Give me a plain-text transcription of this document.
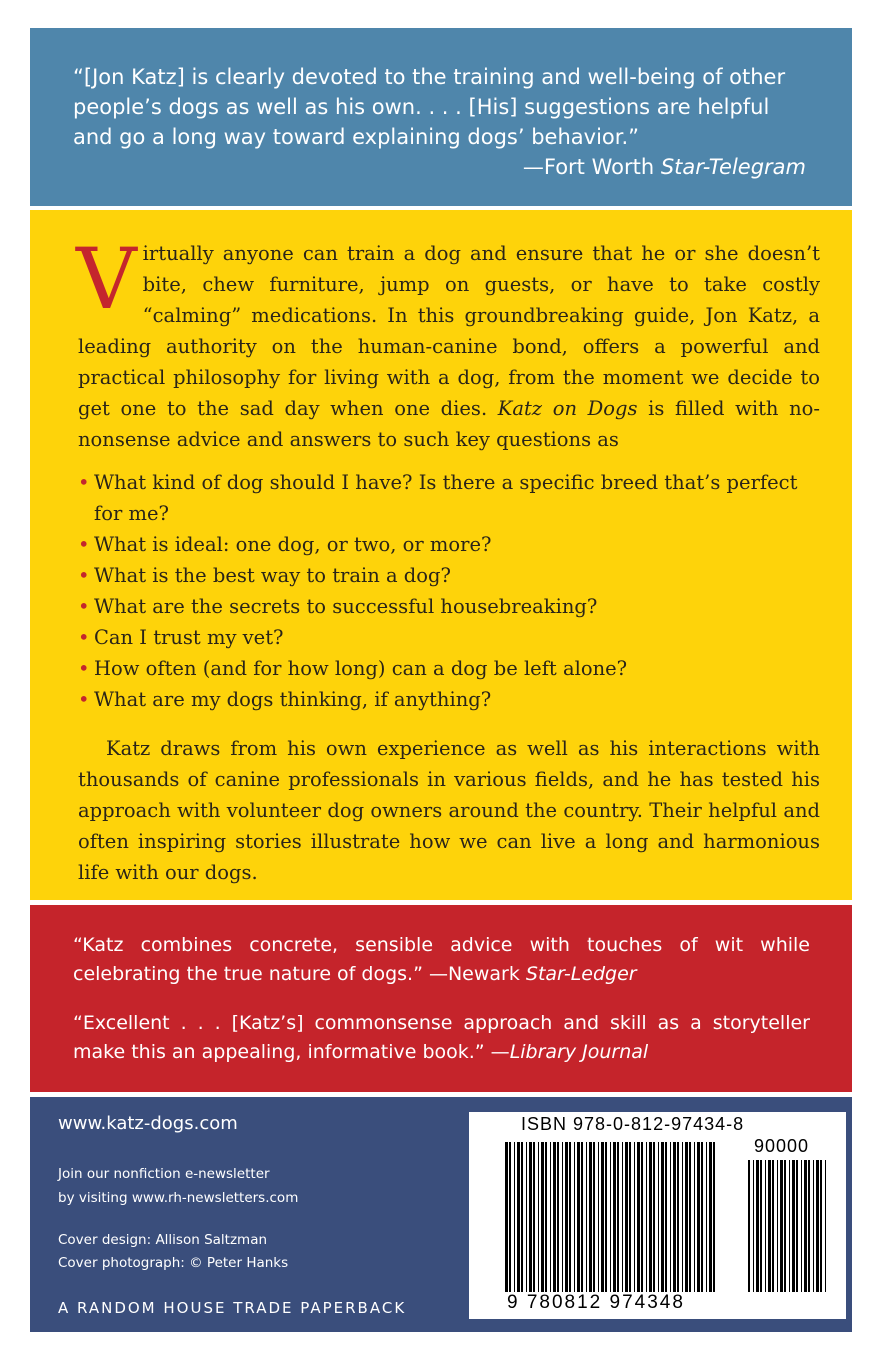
“[Jon Katz] is clearly devoted to the training and well-being of other people’s dogs as well as his own. . . . [His] suggestions are helpful and go a long way toward explaining dogs’ behavior.”
—Fort Worth Star-Telegram

Virtually anyone can train a dog and ensure that he or she doesn’t bite, chew furniture, jump on guests, or have to take costly “calming” medications. In this groundbreaking guide, Jon Katz, a leading authority on the human-canine bond, offers a powerful and practical philosophy for living with a dog, from the moment we decide to get one to the sad day when one dies. Katz on Dogs is filled with no-nonsense advice and answers to such key questions as

• What kind of dog should I have? Is there a specific breed that’s perfect for me?
• What is ideal: one dog, or two, or more?
• What is the best way to train a dog?
• What are the secrets to successful housebreaking?
• Can I trust my vet?
• How often (and for how long) can a dog be left alone?
• What are my dogs thinking, if anything?

Katz draws from his own experience as well as his interactions with thousands of canine professionals in various fields, and he has tested his approach with volunteer dog owners around the country. Their helpful and often inspiring stories illustrate how we can live a long and harmonious life with our dogs.

“Katz combines concrete, sensible advice with touches of wit while celebrating the true nature of dogs.” —Newark Star-Ledger

“Excellent . . . [Katz’s] commonsense approach and skill as a storyteller make this an appealing, informative book.” —Library Journal

www.katz-dogs.com
Join our nonfiction e-newsletter
by visiting www.rh-newsletters.com
Cover design: Allison Saltzman
Cover photograph: © Peter Hanks
A RANDOM HOUSE TRADE PAPERBACK
ISBN 978-0-812-97434-8
90000
9 780812 974348
